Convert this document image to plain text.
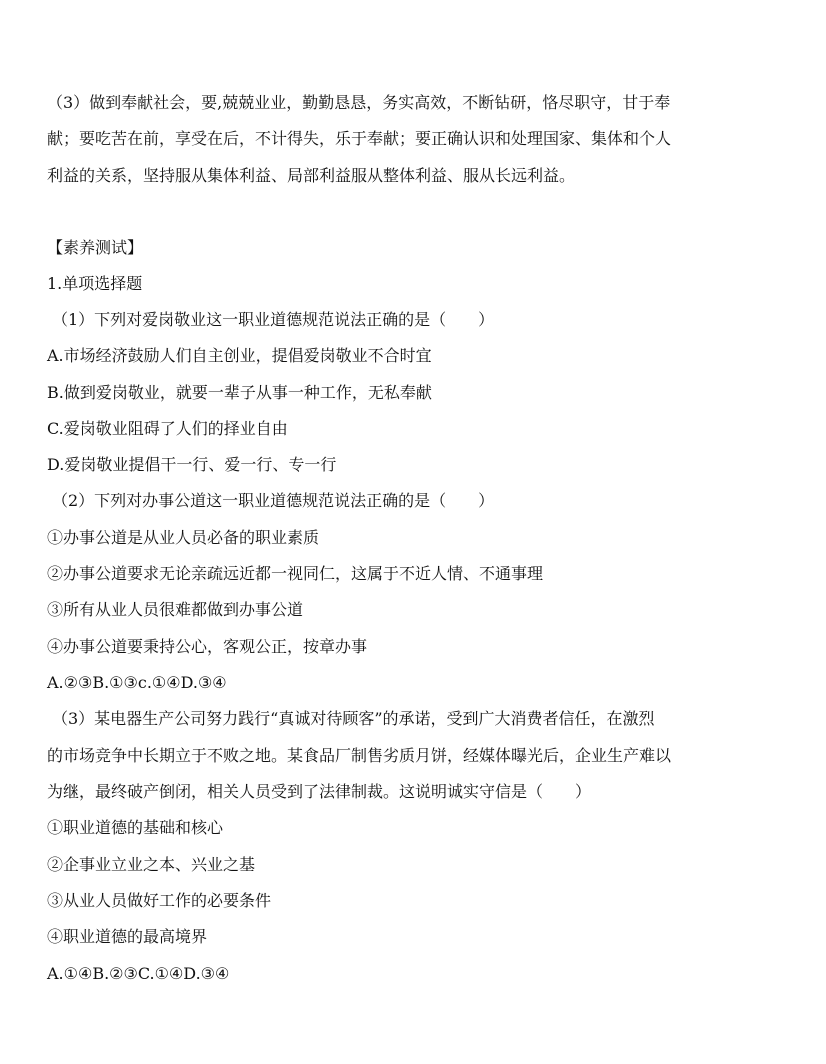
（3）做到奉献社会，要,兢兢业业，勤勤恳恳，务实高效，不断钻研，恪尽职守，甘于奉
献；要吃苦在前，享受在后，不计得失，乐于奉献；要正确认识和处理国家、集体和个人
利益的关系，坚持服从集体利益、局部利益服从整体利益、服从长远利益。
【素养测试】
1.单项选择题
（1）下列对爱岗敬业这一职业道德规范说法正确的是（　　）
A.市场经济鼓励人们自主创业，提倡爱岗敬业不合时宜
B.做到爱岗敬业，就要一辈子从事一种工作，无私奉献
C.爱岗敬业阻碍了人们的择业自由
D.爱岗敬业提倡干一行、爱一行、专一行
（2）下列对办事公道这一职业道德规范说法正确的是（　　）
①办事公道是从业人员必备的职业素质
②办事公道要求无论亲疏远近都一视同仁，这属于不近人情、不通事理
③所有从业人员很难都做到办事公道
④办事公道要秉持公心，客观公正，按章办事
A.②③B.①③c.①④D.③④
（3）某电器生产公司努力践行“真诚对待顾客”的承诺，受到广大消费者信任，在激烈
的市场竞争中长期立于不败之地。某食品厂制售劣质月饼，经媒体曝光后，企业生产难以
为继，最终破产倒闭，相关人员受到了法律制裁。这说明诚实守信是（　　）
①职业道德的基础和核心
②企事业立业之本、兴业之基
③从业人员做好工作的必要条件
④职业道德的最高境界
A.①④B.②③C.①④D.③④
